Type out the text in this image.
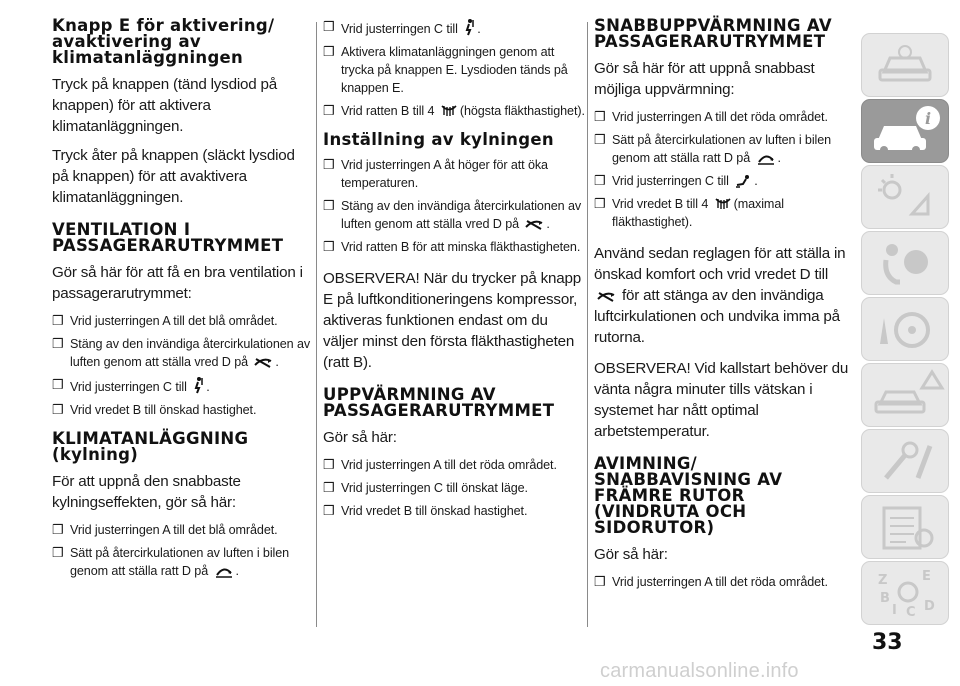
Knapp E för aktivering/ avaktivering av klimatanläggningen

Tryck på knappen (tänd lysdiod på knappen) för att aktivera klimatanläggningen.

Tryck åter på knappen (släckt lysdiod på knappen) för att avaktivera klimatanläggningen.

VENTILATION I PASSAGERARUTRYMMET

Gör så här för att få en bra ventilation i passagerarutrymmet:

❒ Vrid justerringen A till det blå området.
❒ Stäng av den invändiga återcirkulationen av luften genom att ställa vred D på .
❒ Vrid justerringen C till .
❒ Vrid vredet B till önskad hastighet.
KLIMATANLÄGGNING (kylning)

För att uppnå den snabbaste kylningseffekten, gör så här:

❒ Vrid justerringen A till det blå området.
❒ Sätt på återcirkulationen av luften i bilen genom att ställa ratt D på .
❒ Vrid justerringen C till .
❒ Aktivera klimatanläggningen genom att trycka på knappen E. Lysdioden tänds på knappen E.
❒ Vrid ratten B till 4 (högsta fläkthastighet).
Inställning av kylningen
❒ Vrid justerringen A åt höger för att öka temperaturen.
❒ Stäng av den invändiga återcirkulationen av luften genom att ställa vred D på .
❒ Vrid ratten B för att minska fläkthastigheten.

OBSERVERA! När du trycker på knapp E på luftkonditioneringens kompressor, aktiveras funktionen endast om du väljer minst den första fläkthastigheten (ratt B).

UPPVÄRMNING AV PASSAGERARUTRYMMET

Gör så här:

❒ Vrid justerringen A till det röda området.
❒ Vrid justerringen C till önskat läge.
❒ Vrid vredet B till önskad hastighet.
SNABBUPPVÄRMNING AV PASSAGERARUTRYMMET

Gör så här för att uppnå snabbast möjliga uppvärmning:

❒ Vrid justerringen A till det röda området.
❒ Sätt på återcirkulationen av luften i bilen genom att ställa ratt D på .
❒ Vrid justerringen C till .
❒ Vrid vredet B till 4 (maximal fläkthastighet).

Använd sedan reglagen för att ställa in önskad komfort och vrid vredet D till  för att stänga av den invändiga luftcirkulationen och undvika imma på rutorna.

OBSERVERA! Vid kallstart behöver du vänta några minuter tills vätskan i systemet har nått optimal arbetstemperatur.

AVIMNING/ SNABBAVISNING AV FRÄMRE RUTOR (VINDRUTA OCH SIDORUTOR)

Gör så här:

❒ Vrid justerringen A till det röda området.
i
Z	E
B
I C D
33
carmanualsonline.info
